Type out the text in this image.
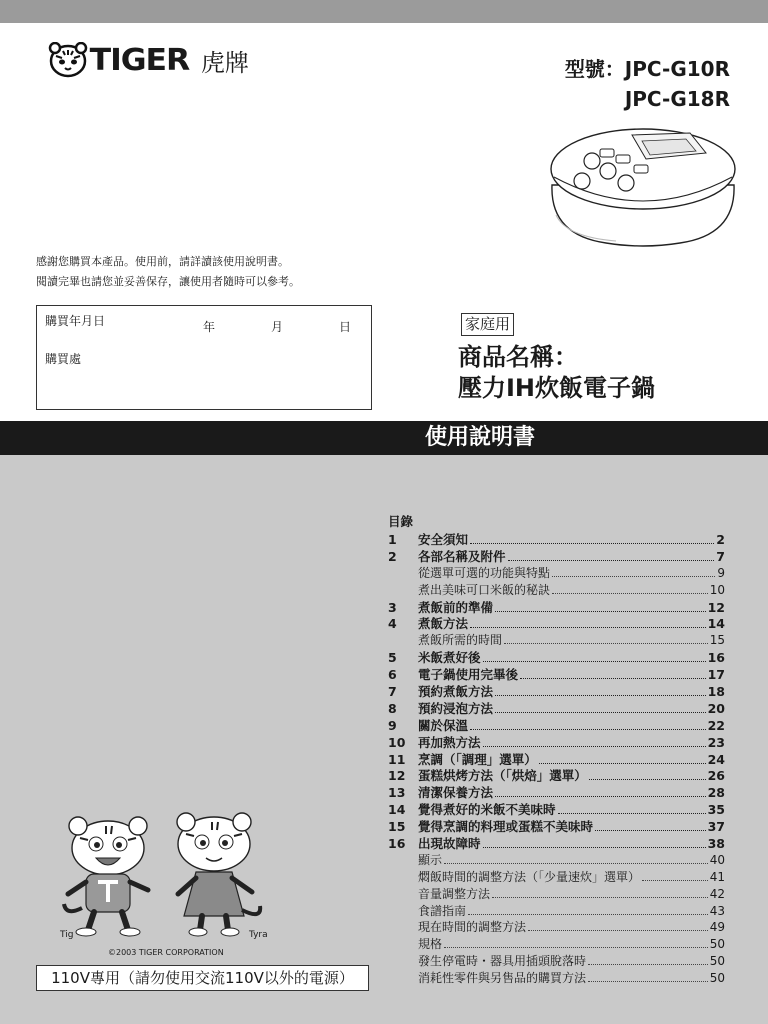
TIGER 虎牌	型號：JPC-G10R
JPC-G18R
感謝您購買本產品。使用前，請詳讀該使用說明書。
閱讀完畢也請您並妥善保存，讓使用者隨時可以參考。
購買年月日	年	月	日
購買處
家庭用
商品名稱：
壓力IH炊飯電子鍋
使用說明書
目錄
1	安全須知	2
2	各部名稱及附件	7
從選單可選的功能與特點	9
煮出美味可口米飯的秘訣	10
3	煮飯前的準備	12
4	煮飯方法	14
煮飯所需的時間	15
5	米飯煮好後	16
6	電子鍋使用完畢後	17
7	預約煮飯方法	18
8	預約浸泡方法	20
9	關於保溫	22
10	再加熱方法	23
11	烹調（「調理」選單）	24
12	蛋糕烘烤方法（「烘焙」選單）	26
13	清潔保養方法	28
14	覺得煮好的米飯不美味時	35
15	覺得烹調的料理或蛋糕不美味時	37
16	出現故障時	38
顯示	40
燜飯時間的調整方法（「少量速炊」選單）	41
音量調整方法	42
食譜指南	43
現在時間的調整方法	49
規格	50
發生停電時・器具用插頭脫落時	50
消耗性零件與另售品的購買方法	50
Tig	Tyra
©2003 TIGER CORPORATION
110V專用（請勿使用交流110V以外的電源）
